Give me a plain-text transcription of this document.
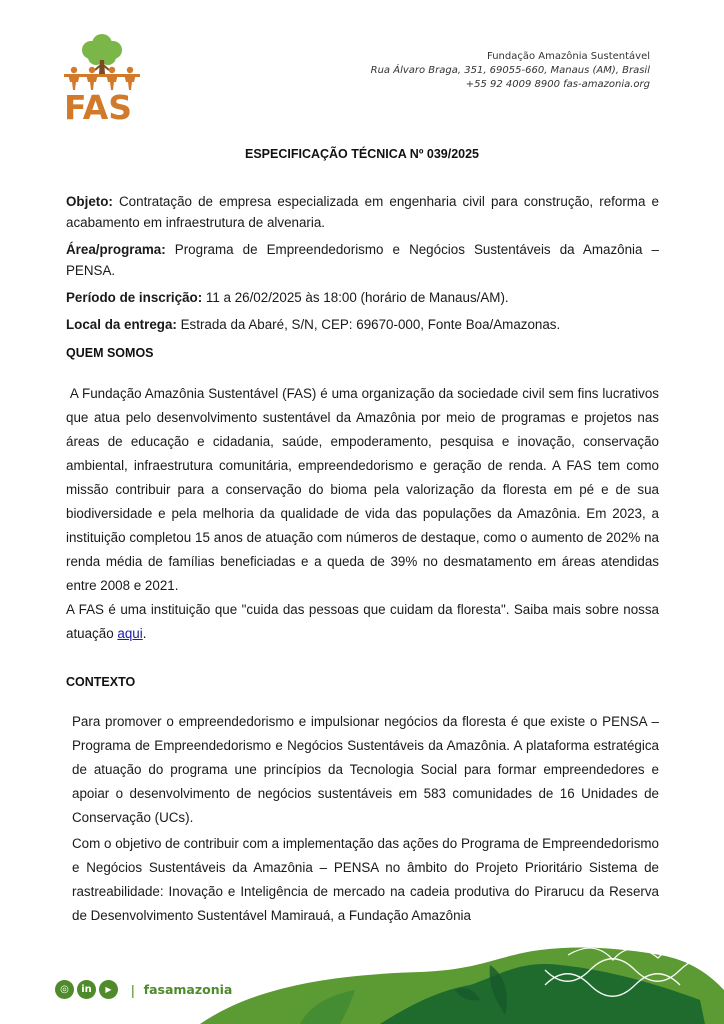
FAS
Fundação Amazônia Sustentável
Rua Álvaro Braga, 351, 69055-660, Manaus (AM), Brasil
+55 92 4009 8900 fas-amazonia.org
ESPECIFICAÇÃO TÉCNICA Nº 039/2025
Objeto: Contratação de empresa especializada em engenharia civil para construção, reforma e acabamento em infraestrutura de alvenaria.
Área/programa: Programa de Empreendedorismo e Negócios Sustentáveis da Amazônia – PENSA.
Período de inscrição: 11 a 26/02/2025 às 18:00 (horário de Manaus/AM).
Local da entrega: Estrada da Abaré, S/N, CEP: 69670-000, Fonte Boa/Amazonas.
QUEM SOMOS
A Fundação Amazônia Sustentável (FAS) é uma organização da sociedade civil sem fins lucrativos que atua pelo desenvolvimento sustentável da Amazônia por meio de programas e projetos nas áreas de educação e cidadania, saúde, empoderamento, pesquisa e inovação, conservação ambiental, infraestrutura comunitária, empreendedorismo e geração de renda. A FAS tem como missão contribuir para a conservação do bioma pela valorização da floresta em pé e de sua biodiversidade e pela melhoria da qualidade de vida das populações da Amazônia. Em 2023, a instituição completou 15 anos de atuação com números de destaque, como o aumento de 202% na renda média de famílias beneficiadas e a queda de 39% no desmatamento em áreas atendidas entre 2008 e 2021.
A FAS é uma instituição que "cuida das pessoas que cuidam da floresta". Saiba mais sobre nossa atuação aqui.
CONTEXTO
Para promover o empreendedorismo e impulsionar negócios da floresta é que existe o PENSA – Programa de Empreendedorismo e Negócios Sustentáveis da Amazônia. A plataforma estratégica de atuação do programa une princípios da Tecnologia Social para formar empreendedores e apoiar o desenvolvimento de negócios sustentáveis em 583 comunidades de 16 Unidades de Conservação (UCs).
Com o objetivo de contribuir com a implementação das ações do Programa de Empreendedorismo e Negócios Sustentáveis da Amazônia – PENSA no âmbito do Projeto Prioritário Sistema de rastreabilidade: Inovação e Inteligência de mercado na cadeia produtiva do Pirarucu da Reserva de Desenvolvimento Sustentável Mamirauá, a Fundação Amazônia
◎	in	▶	| fasamazonia
